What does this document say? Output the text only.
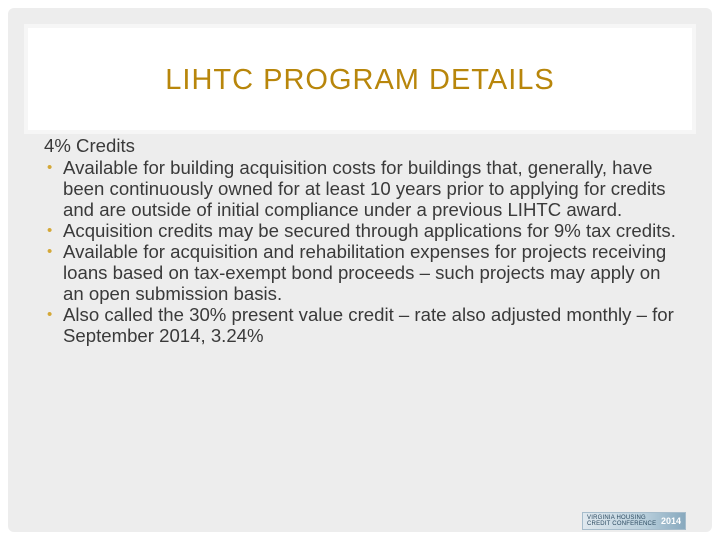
LIHTC PROGRAM DETAILS
4% Credits
• Available for building acquisition costs for buildings that, generally, have been continuously owned for at least 10 years prior to applying for credits and are outside of initial compliance under a previous LIHTC award.
• Acquisition credits may be secured through applications for 9% tax credits.
• Available for acquisition and rehabilitation expenses for projects receiving loans based on tax-exempt bond proceeds – such projects may apply on an open submission basis.
• Also called the 30% present value credit – rate also adjusted monthly – for September 2014, 3.24%
VIRGINIA HOUSING CREDIT CONFERENCE 2014
